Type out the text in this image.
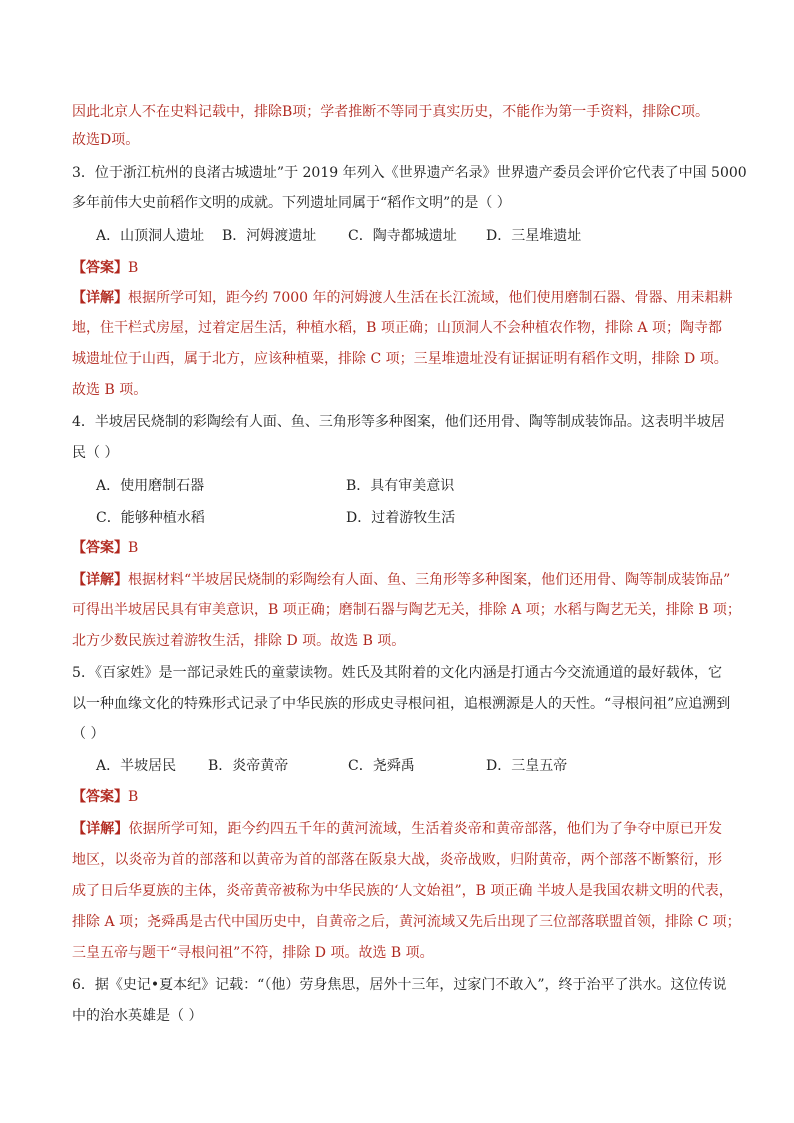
因此北京人不在史料记载中，排除B项；学者推断不等同于真实历史，不能作为第一手资料，排除C项。
故选D项。
3．位于浙江杭州的良渚古城遗址”于 2019 年列入《世界遗产名录》世界遗产委员会评价它代表了中国 5000
多年前伟大史前稻作文明的成就。下列遗址同属于“稻作文明”的是（ ）
A．山顶洞人遗址 B．河姆渡遗址 C．陶寺都城遗址 D．三星堆遗址
【答案】B
【详解】根据所学可知，距今约 7000 年的河姆渡人生活在长江流域，他们使用磨制石器、骨器、用耒耜耕
地，住干栏式房屋，过着定居生活，种植水稻，B 项正确；山顶洞人不会种植农作物，排除 A 项；陶寺都
城遗址位于山西，属于北方，应该种植粟，排除 C 项；三星堆遗址没有证据证明有稻作文明，排除 D 项。
故选 B 项。
4．半坡居民烧制的彩陶绘有人面、鱼、三角形等多种图案，他们还用骨、陶等制成装饰品。这表明半坡居
民（ ）
A．使用磨制石器	B．具有审美意识
C．能够种植水稻	D．过着游牧生活
【答案】B
【详解】根据材料“半坡居民烧制的彩陶绘有人面、鱼、三角形等多种图案，他们还用骨、陶等制成装饰品”
可得出半坡居民具有审美意识，B 项正确；磨制石器与陶艺无关，排除 A 项；水稻与陶艺无关，排除 B 项；
北方少数民族过着游牧生活，排除 D 项。故选 B 项。
5．《百家姓》是一部记录姓氏的童蒙读物。姓氏及其附着的文化内涵是打通古今交流通道的最好载体，它
以一种血缘文化的特殊形式记录了中华民族的形成史寻根问祖，追根溯源是人的天性。“寻根问祖”应追溯到
（ ）
A．半坡居民 B．炎帝黄帝	C．尧舜禹	D．三皇五帝
【答案】B
【详解】依据所学可知，距今约四五千年的黄河流域，生活着炎帝和黄帝部落，他们为了争夺中原已开发
地区，以炎帝为首的部落和以黄帝为首的部落在阪泉大战，炎帝战败，归附黄帝，两个部落不断繁衍，形
成了日后华夏族的主体，炎帝黄帝被称为中华民族的‘人文始祖”，B 项正确 半坡人是我国农耕文明的代表，
排除 A 项；尧舜禹是古代中国历史中，自黄帝之后，黄河流域又先后出现了三位部落联盟首领，排除 C 项；
三皇五帝与题干“寻根问祖”不符，排除 D 项。故选 B 项。
6．据《史记•夏本纪》记载：“（他）劳身焦思，居外十三年，过家门不敢入”，终于治平了洪水。这位传说
中的治水英雄是（ ）
